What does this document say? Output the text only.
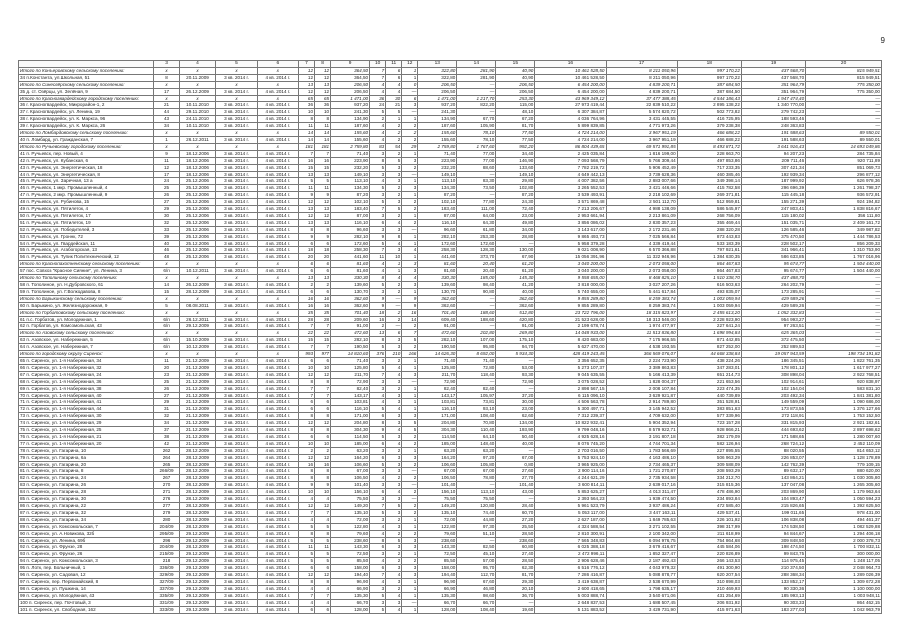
9
	3	4	5	6	7	8	9	10	11	12	13	14	15	16	17	18	19	20
Итого по Конъеровскому сельскому поселению:	x	x	x	x	12	12	364,50	7	6	1	322,80	281,90	40,90	10 461 528,50	8 211 050,96	997 170,22	437 568,70	815 949,51
34 п.Константа, ул.Школьная, 51	8	20.11.2009	3 кв. 2014 г.	4 кв. 2014 г.	12	12	364,50	7	6	1	322,80	281,90	40,90	10 461 528,50	8 211 050,96	997 170,22	437 568,70	815 949,51
Итого по Синеозёрскому сельскому поселению:	x	x	x	x	13	13	206,50	4	4	0	206,50	—	206,50	6 454 200,00	4 839 200,71	387 684,50	351 964,79	775 350,00
35 д. ст. Озёрцы, ул. Зелёная, 9	17	26.12.2009	3 кв. 2014 г.	4 кв. 2014 г.	12	12	206,50	4	4	—	206,50	—	206,50	6 454 200,00	4 839 200,71	387 684,50	351 964,79	775 350,00
Итого по Красногвардейскому городскому поселению:	x	x	x	x	65	65	1 471,00	36	30	6	1 471,00	1 217,70	253,30	43 969 349,12	37 477 388,45	4 544 186,43	1 947 474,40	—
36 г. Красногвардейск, Микрорайон-1, 2	21	10.11.2010	3 кв. 2014 г.	4 кв. 2014 г.	36	36	937,20	24	21	3	937,20	822,20	115,00	27 973 419,44	22 839 510,22	2 895 138,22	1 340 770,00	—
37 г. Красногвардейск, ул. Ленина, 19	44	29.11.2010	3 кв. 2014 г.	4 кв. 2014 г.	10	10	241,30	5	5	—	241,30	—	48,10	6 307 384,87	5 574 820,72	502 773,82	279 742,23	—
38 г. Красногвардейск, ул. К. Маркса, 96	43	24.11.2010	3 кв. 2014 г.	4 кв. 2014 г.	8	8	134,90	2	1	1	134,90	67,70	67,20	4 036 764,96	3 431 445,55	416 725,95	188 593,46	—
39 г. Красногвардейск, ул. К. Маркса, 26	34	10.11.2010	3 кв. 2014 г.	4 кв. 2014 г.	11	11	187,60	4	2	2	187,60	105,90	81,70	5 899 839,85	4 771 973,26	379 238,38	248 363,83	—
Итого по Ломбардовскому сельскому поселению:	x	x	x	x	14	14	155,60	4	2	2	155,60	78,10	77,50	4 724 214,00	3 967 951,19	466 688,22	191 588,63	89 550,01
40 п. Ломбард, ул. Гражданская, 7	1	26.12.2011	3 кв. 2014 г.	4 кв. 2014 г.	14	14	155,60	4	2	2	155,60	78,10	77,50	4 724 214,00	3 967 951,19	466 688,22	191 588,63	89 550,01
Итого по Ручьевскому городскому поселению:	x	x	x	x	181	181	2 759,80	83	54	29	2 759,80	1 767,60	992,20	86 804 439,65	69 571 991,85	8 493 871,72	3 641 916,43	14 693 049,86
41 п. Ручьевск, пер. Новый, 4	9	18.12.2006	3 кв. 2014 г.	4 кв. 2014 г.	7	7	71,40	3	2	1	71,40	77,00	34,40	2 425 035,84	1 816 199,00	228 663,70	94 207,23	284 735,84
42 п. Ручьевск, ул. Кубанская, 6	11	18.12.2006	3 кв. 2014 г.	4 кв. 2014 г.	16	16	223,90	8	5	3	223,90	77,00	146,90	7 093 568,79	5 766 309,44	497 853,86	209 711,46	920 711,89
43 п. Ручьевск, ул. Энергетическая, 18	12	18.12.2006	3 кв. 2014 г.	4 кв. 2014 г.	15	15	232,20	5	3	2	232,20	88,60	133,60	7 782 219,72	5 906 452,49	717 233,35	307 421,34	851 069,73
44 п. Ручьевск, ул. Энергетическая, 8	17	18.12.2006	3 кв. 2014 г.	4 кв. 2014 г.	13	13	149,10	3	3	—	149,10	—	149,10	4 649 442,13	3 739 628,36	460 385,46	192 939,34	296 877,12
45 п. Ручьевск, ул. Заречная, 13 а	24	25.12.2006	3 кв. 2014 г.	4 кв. 2014 г.	5	5	113,10	4	3	1	113,10	83,30	29,80	4 007 382,56	2 883 007,66	349 398,14	187 999,92	626 978,36
46 п. Ручьевск, 1 мкр. Промышленный, 4	25	25.12.2006	3 кв. 2014 г.	4 кв. 2014 г.	11	11	134,30	5	2	3	134,30	73,50	102,80	3 265 552,53	3 421 446,66	415 782,58	296 696,39	1 261 798,37
47 п. Ручьевск, 2 мкр. Промышленный, 9	26	25.12.2006	3 кв. 2014 г.	4 кв. 2014 г.	9	9	87,20	3	2	1	87,20	—	87,20	3 539 493,91	2 218 102,69	269 371,81	115 445,18	936 572,91
48 п. Ручьевск, ул. Рубинова, 15	27	25.12.2006	3 кв. 2014 г.	4 кв. 2014 г.	12	12	102,10	5	3	2	102,10	77,80	24,30	3 571 869,48	2 501 112,70	512 959,81	155 271,39	924 194,82
49 п. Ручьевск, ул. Пятилеток, 4	29	25.12.2006	3 кв. 2014 г.	4 кв. 2014 г.	13	13	183,40	7	5	2	183,40	111,00	72,40	7 213 206,67	4 988 138,09	586 545,97	247 803,41	1 838 816,67
50 п. Ручьевск, ул. Пятилеток, 17	30	25.12.2006	3 кв. 2014 г.	4 кв. 2014 г.	12	12	87,00	3	2	1	87,00	64,00	23,00	2 953 661,94	2 213 861,09	268 756,09	115 180,02	356 111,80
51 п. Ручьевск, ул. Пятилеток, 19	32	25.12.2006	3 кв. 2014 г.	4 кв. 2014 г.	13	13	116,10	6	4	2	116,10	64,30	49,80	3 856 086,02	2 830 357,23	355 469,44	151 035,71	2 409 161,72
52 п. Ручьевск, ул. Победителей, 3	33	25.12.2006	3 кв. 2014 г.	4 кв. 2014 г.	8	8	96,60	3	3	—	96,60	61,80	34,00	3 143 617,00	2 172 231,46	288 320,28	126 585,46	349 987,82
53 п. Ручьевск, ул. Гроннк, 72	39	25.12.2006	3 кв. 2014 г.	4 кв. 2014 г.	9	9	282,10	9	8	1	282,10	253,30	28,80	9 865 493,73	7 025 566,84	873 443,83	375 470,50	1 444 786,53
54 п. Ручьевск, ул. Гвардейская, 11	40	25.12.2006	3 кв. 2014 г.	4 кв. 2014 г.	6	6	172,60	5	4	1	172,60	172,60	—	5 958 379,28	4 339 419,44	533 183,39	228 502,17	856 209,33
55 п. Ручьевск, ул. Агабогорская, 13	46	25.12.2006	3 кв. 2014 г.	4 кв. 2014 г.	18	18	258,30	7	3	4	258,30	128,30	130,00	9 021 008,90	6 570 366,88	797 921,61	341 966,41	1 310 753,90
56 п. Ручьевск, ул. Тупик Политехнический, 12	48	25.12.2006	3 кв. 2014 г.	4 кв. 2014 г.	20	20	441,60	11	10	1	441,60	373,70	67,90	15 056 391,96	11 322 946,96	1 384 630,35	586 633,85	1 767 016,96
Итого по Краснопахотненскому сельскому поселению:	x	x	x	x	6	6	81,60	4	1	3	81,60	20,40	61,20	3 040 200,00	2 073 058,00	864 467,83	95 674,77	1 504 440,00
57 пос. Совхоз "Красное Сияние", ул. Ленина, 3	6/п	10.12.2011	3 кв. 2014 г.	4 кв. 2014 г.	6	6	81,60	4	1	3	81,60	20,40	61,20	3 040 200,00	2 073 058,00	864 467,83	95 674,77	1 504 440,00
Итого по Тополиному сельскому поселению:	x	x	x	x	13	13	330,30	8	4	4	330,30	185,00	145,30	9 558 655,00	8 468 825,10	1 510 338,70	437 488,70	—
58 п. Тополиное, ул. Н.Дубровского, 61	14	26.12.2009	3 кв. 2014 г.	4 кв. 2014 г.	2	2	139,60	5	2	3	139,60	98,40	41,20	3 818 000,00	3 027 207,26	616 503,63	264 202,79	—
59 п. Тополиное, ул. Г.Волкодавова, 8	15	28.12.2009	3 кв. 2014 г.	4 кв. 2014 г.	6	6	130,70	3	2	1	130,70	90,80	40,00	5 740 655,00	5 441 617,84	493 835,07	173 285,91	—
Итого по Барыкинскому сельскому поселению:	x	x	x	x	16	16	362,60	9	—	9	362,60	—	362,60	9 855 289,80	8 259 383,74	1 003 059,94	429 589,26	—
60 п. Барыкино, ул. Железнодорожная, 9	5	08.08.2011	3 кв. 2014 г.	4 кв. 2014 г.	16	16	362,60	9	—	9	362,60	—	362,60	9 855 289,80	8 259 383,74	1 003 059,94	429 589,26	—
Итого по Горбатовскому сельскому поселению:	x	x	x	x	35	35	701,40	18	2	16	701,40	188,60	512,80	23 722 796,00	18 315 823,97	2 455 613,20	1 052 332,83	—
61 п.с. Горбатов, ул. Молодежная, 1	6/п	26.12.2011	3 кв. 2014 г.	4 кв. 2014 г.	28	28	209,60	16	2	14	609,40	188,60	420,80	21 523 628,00	18 313 546,00	2 228 923,90	954 993,27	—
62 п. Горбатов, ул. Комсомольская, 43	6/п	29.12.2009	3 кв. 2014 г.	4 кв. 2014 г.	7	7	91,00	2	—	2	91,00	—	91,00	2 199 678,74	1 974 477,97	227 641,24	97 263,51	—
Итого по Азовскому сельскому поселению:	x	x	x	x	22	22	472,60	13	6	7	472,60	202,80	269,80	14 048 933,00	11 513 836,80	1 698 994,84	625 365,03	—
63 п. Азовское, ул. Набережная, 5	6/п	15.10.2009	3 кв. 2014 г.	4 кв. 2014 г.	15	15	282,10	8	3	5	282,10	107,00	175,10	8 420 683,00	7 175 966,55	871 442,85	372 475,50	—
64 п. Азовское, ул. Набережная, 7	6/п	10.12.2009	3 кв. 2014 г.	4 кв. 2014 г.	7	7	190,50	5	3	2	190,50	95,80	94,70	5 627 470,00	4 538 193,55	827 252,00	252 889,53	—
Итого по городскому округу Сиренск:	x	x	x	x	993	977	14 810,60	376	210	166	14 626,30	8 692,00	5 934,30	428 419 243,45	366 569 076,07	44 668 338,84	19 057 943,59	198 734 191,82
65 п. Сиренск, ул. 1-я Набережная, 34	11	21.12.2009	3 кв. 2014 г.	4 кв. 2014 г.	6	6	71,40	3	2	1	71,40	71,40	—	3 356 652,35	2 224 723,90	438 224,26	186 345,51	1 822 761,35
66 п. Сиренск, ул. 1-я Набережная, 32	20	21.12.2009	3 кв. 2014 г.	4 кв. 2014 г.	10	10	125,80	5	4	1	125,80	72,80	53,00	5 273 107,37	3 389 863,83	347 283,01	178 801,12	1 617 977,27
67 п. Сиренск, ул. 1-я Набережная, 24	23	21.12.2009	3 кв. 2014 г.	4 кв. 2014 г.	12	12	211,70	7	4	3	211,70	118,40	93,30	9 045 635,55	5 166 413,39	651 214,73	308 898,04	2 922 768,51
68 п. Сиренск, ул. 1-я Набережная, 36	25	21.12.2009	3 кв. 2014 г.	4 кв. 2014 г.	8	8	72,90	3	3	—	72,90	—	72,90	3 075 028,52	1 828 004,37	221 653,56	102 914,61	920 838,97
69 п. Сиренск, ул. 1-я Набережная, 38	26	21.12.2009	3 кв. 2014 г.	4 кв. 2014 г.	7	7	82,40	3	2	1	82,40	82,40	—	2 898 567,15	2 008 107,84	223 474,35	102 154,04	583 831,10
70 п. Сиренск, ул. 1-я Набережная, 40	27	21.12.2009	3 кв. 2014 г.	4 кв. 2014 г.	7	7	143,17	4	3	1	143,17	105,97	37,20	6 115 096,10	3 629 921,87	440 739,89	203 492,34	1 841 381,80
71 п. Сиренск, ул. 1-я Набережная, 41	29	21.12.2009	3 кв. 2014 г.	4 кв. 2014 г.	6	6	103,81	4	3	1	103,81	73,81	30,00	4 506 563,78	2 914 789,80	351 528,91	149 559,09	1 090 686,00
72 п. Сиренск, ул. 1-я Набережная, 44	31	21.12.2009	3 кв. 2014 г.	4 кв. 2014 г.	6	6	116,10	5	4	1	116,10	93,10	23,00	5 300 497,71	3 145 942,52	383 851,63	173 873,55	1 376 127,66
73 п. Сиренск, ул. 1-я Набережная, 30	32	21.12.2009	3 кв. 2014 г.	4 кв. 2014 г.	8	8	171,00	6	3	3	171,00	108,40	62,60	7 312 239,37	4 709 632,00	577 339,96	272 118,91	1 753 152,50
74 п. Сиренск, ул. 1-я Набережная, 29	34	21.12.2009	3 кв. 2014 г.	4 кв. 2014 г.	12	12	204,80	8	3	5	204,80	70,80	134,00	10 822 932,41	5 904 352,94	723 157,28	331 815,93	2 921 182,61
75 п. Сиренск, ул. 1-я Набережная, 25	37	21.12.2009	3 кв. 2014 г.	4 кв. 2014 г.	8	8	304,30	9	4	5	304,30	110,40	193,90	9 799 048,16	8 579 922,71	928 866,21	444 693,62	2 897 698,62
76 п. Сиренск, ул. 1-я Набережная, 21	38	21.12.2009	3 кв. 2014 г.	4 кв. 2014 г.	6	6	114,50	5	3	2	114,50	64,10	50,40	4 925 628,16	3 191 807,18	382 179,09	171 588,65	1 280 007,60
77 п. Сиренск, ул. 1-я Набережная, 20	42	21.12.2009	3 кв. 2014 г.	4 кв. 2014 г.	10	10	185,00	6	4	2	185,00	148,40	40,00	8 076 745,20	4 744 701,34	582 126,94	268 724,12	2 452 110,09
78 п. Сиренск, ул. Гагарина, 10	262	28.12.2009	3 кв. 2014 г.	4 кв. 2014 г.	2	2	63,20	3	2	1	63,20	63,20	—	2 703 016,50	1 783 566,69	227 895,55	88 020,55	814 653,12
79 п. Сиренск, ул. Гагарина, 6а	264	28.12.2009	3 кв. 2014 г.	4 кв. 2014 г.	12	12	164,20	6	3	3	164,20	97,20	67,00	5 753 924,10	4 163 486,10	506 963,29	226 853,07	1 128 178,89
80 п. Сиренск, ул. Гагарина, 20	265	28.12.2009	3 кв. 2014 г.	4 кв. 2014 г.	16	16	106,60	5	3	2	106,60	105,80	0,80	3 965 925,00	2 734 465,37	309 588,09	142 762,39	779 109,15
81 п. Сиренск, ул. Гагарина, 8	266/09	28.12.2009	3 кв. 2014 г.	4 кв. 2014 г.	8	8	67,00	3	3	—	67,00	67,00	27,60	2 900 114,16	1 721 270,87	208 593,29	89 632,17	880 620,00
82 п. Сиренск, ул. Гагарина, 24	267	28.12.2009	3 кв. 2014 г.	4 кв. 2014 г.	8	8	106,50	4	2	2	106,50	78,80	27,70	4 244 621,29	2 735 934,58	334 212,70	143 864,21	1 030 305,80
83 п. Сиренск, ул. Гагарина, 26	270	28.12.2009	3 кв. 2014 г.	4 кв. 2014 г.	9	9	101,40	3	3	—	101,40	—	101,40	3 600 814,11	2 639 017,16	315 815,36	137 047,08	1 265 305,60
84 п. Сиренск, ул. Гагарина, 28	271	28.12.2009	3 кв. 2014 г.	4 кв. 2014 г.	10	10	156,10	6	4	2	156,10	113,10	43,00	5 853 625,27	4 013 311,47	478 486,90	203 869,90	1 179 963,64
85 п. Сиренск, ул. Гагарина, 30	276	28.12.2009	3 кв. 2014 г.	4 кв. 2014 г.	4	4	75,50	3	3	—	75,50	75,50	—	2 393 564,23	1 939 474,50	234 893,84	104 893,47	1 050 594,23
86 п. Сиренск, ул. Гагарина, 22	277	28.12.2009	3 кв. 2014 г.	4 кв. 2014 г.	12	12	149,20	7	5	2	149,20	120,80	28,40	5 961 523,79	3 937 486,24	472 585,40	215 826,65	1 392 625,50
87 п. Сиренск, ул. Гагарина, 32	279	28.12.2009	3 кв. 2014 г.	4 кв. 2014 г.	7	7	135,10	5	3	2	135,10	74,40	60,70	5 053 117,00	3 447 163,11	429 537,41	199 011,65	978 431,00
88 п. Сиренск, ул. Гагарина, 34	280	28.12.2009	3 кв. 2014 г.	4 кв. 2014 г.	4	4	72,00	3	2	1	72,00	44,80	27,20	2 627 187,00	1 849 785,63	226 101,92	106 838,08	494 461,37
89 п. Сиренск, ул. Комсомольская, 7	204/09	28.12.2009	3 кв. 2014 г.	4 кв. 2014 г.	5	5	122,80	4	3	1	122,80	97,30	25,50	4 324 588,54	3 271 102,55	398 317,99	174 538,50	1 082 529,88
90 п. Сиренск, ул. А.Новикова, 32б	295/09	29.12.2009	3 кв. 2014 г.	4 кв. 2014 г.	8	8	79,60	4	2	2	79,60	51,10	28,50	2 810 300,91	2 100 342,00	211 618,99	94 844,67	1 294 406,18
91 п. Сиренск, ул. Ленина, 69б	296	29.12.2009	3 кв. 2014 г.	4 кв. 2014 г.	5	5	238,60	8	5	3	238,60	—	238,60	7 565 348,83	6 094 976,75	754 864,68	309 848,50	2 000 378,73
92 п. Сиренск, ул. Фрунзе, 28	204/09	28.12.2009	3 кв. 2014 г.	4 кв. 2014 г.	11	11	143,30	6	3	3	143,30	82,50	60,80	6 025 388,18	3 679 416,67	445 584,06	198 474,50	1 700 832,11
93 п. Сиренск, ул. Фрунзе, 26	215/09	29.12.2009	3 кв. 2014 г.	4 кв. 2014 г.	5	5	72,50	3	2	1	72,50	45,10	27,40	2 472 996,11	1 852 327,47	220 826,89	99 843,75	300 000,00
94 п. Сиренск, ул. Комсомольская, 3	218	29.12.2009	3 кв. 2014 г.	4 кв. 2014 г.	5	5	85,50	4	2	2	85,50	57,00	28,50	2 906 628,46	2 187 492,43	266 143,53	114 975,45	1 248 117,05
95 п. Лотк, пер. Больничный, 1	336/09	29.12.2009	3 кв. 2014 г.	4 кв. 2014 г.	6	6	158,00	6	3	3	158,00	95,70	62,30	6 516 776,12	4 043 979,32	491 300,90	210 374,50	2 048 964,73
96 п. Сиренск, ул. Садовая, 12	329/09	29.12.2009	3 кв. 2014 г.	4 кв. 2014 г.	12	12	194,40	7	4	3	194,40	112,70	81,70	7 286 416,87	5 088 878,77	620 207,54	288 368,34	1 289 026,39
97 п. Сиренск, пер. Первомайский, 8	327/09	29.12.2009	3 кв. 2014 г.	4 кв. 2014 г.	8	8	96,90	4	3	1	96,90	67,60	29,30	3 419 638,87	2 538 670,99	310 898,03	133 852,17	1 309 672,28
98 п. Сиренск, ул. Пушкина, 14	337/09	29.12.2009	3 кв. 2014 г.	4 кв. 2014 г.	4	4	66,90	3	2	1	66,90	46,80	20,10	2 600 418,65	1 798 635,17	210 469,93	90 330,36	1 100 000,00
99 п. Сиренск, ул. Молодёжная, 43	335/09	29.12.2009	3 кв. 2014 г.	4 кв. 2014 г.	7	7	135,30	5	4	1	135,30	98,60	36,70	5 003 888,74	3 540 671,06	431 254,69	185 993,13	1 003 948,11
100 п. Сиренск, пер. Почтовый, 3	331/09	29.12.2009	3 кв. 2014 г.	4 кв. 2014 г.	4	4	66,70	3	3	—	66,70	66,70	—	2 648 837,53	1 688 507,45	206 931,92	90 303,33	864 462,15
101 п. Сиренск, ул. Свободная, 162	333/09	29.12.2009	3 кв. 2014 г.	4 кв. 2014 г.	6	6	128,00	5	4	1	128,00	108,40	19,60	5 131 883,52	3 429 731,90	415 971,63	183 277,03	1 042 963,79
